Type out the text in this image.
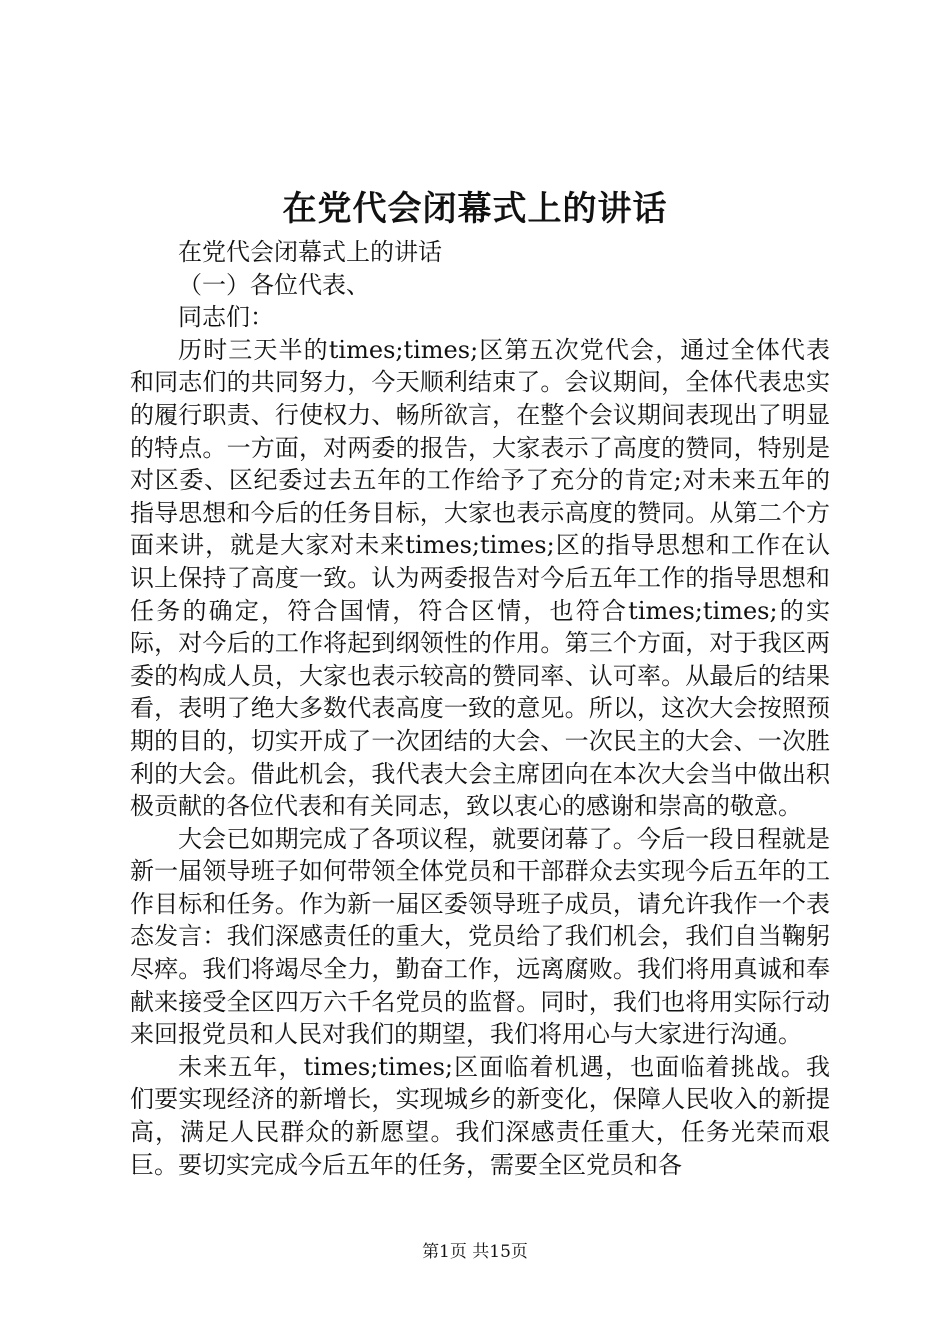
在党代会闭幕式上的讲话

在党代会闭幕式上的讲话

（一）各位代表、

同志们：

历时三天半的times;times;区第五次党代会，通过全体代表和同志们的共同努力，今天顺利结束了。会议期间，全体代表忠实的履行职责、行使权力、畅所欲言，在整个会议期间表现出了明显的特点。一方面，对两委的报告，大家表示了高度的赞同，特别是对区委、区纪委过去五年的工作给予了充分的肯定;对未来五年的指导思想和今后的任务目标，大家也表示高度的赞同。从第二个方面来讲，就是大家对未来times;times;区的指导思想和工作在认识上保持了高度一致。认为两委报告对今后五年工作的指导思想和任务的确定，符合国情，符合区情，也符合times;times;的实际，对今后的工作将起到纲领性的作用。第三个方面，对于我区两委的构成人员，大家也表示较高的赞同率、认可率。从最后的结果看，表明了绝大多数代表高度一致的意见。所以，这次大会按照预期的目的，切实开成了一次团结的大会、一次民主的大会、一次胜利的大会。借此机会，我代表大会主席团向在本次大会当中做出积极贡献的各位代表和有关同志，致以衷心的感谢和崇高的敬意。

大会已如期完成了各项议程，就要闭幕了。今后一段日程就是新一届领导班子如何带领全体党员和干部群众去实现今后五年的工作目标和任务。作为新一届区委领导班子成员，请允许我作一个表态发言：我们深感责任的重大，党员给了我们机会，我们自当鞠躬尽瘁。我们将竭尽全力，勤奋工作，远离腐败。我们将用真诚和奉献来接受全区四万六千名党员的监督。同时，我们也将用实际行动来回报党员和人民对我们的期望，我们将用心与大家进行沟通。

未来五年，times;times;区面临着机遇，也面临着挑战。我们要实现经济的新增长，实现城乡的新变化，保障人民收入的新提高，满足人民群众的新愿望。我们深感责任重大，任务光荣而艰巨。要切实完成今后五年的任务，需要全区党员和各

第1页 共15页
